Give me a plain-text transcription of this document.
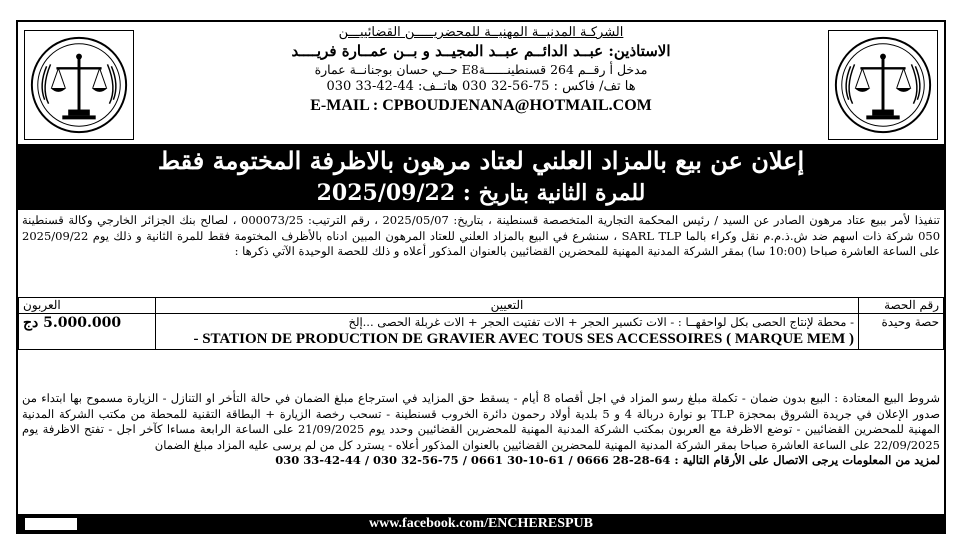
الشركـة المدنيــة المهنيــة للمحضريـــــن القضائييـــن
الاستاذين: عبــد الدائــم عبــد المجيــد و بــن عمــارة فريــــد
مدخل أ رقــم 264 قسنطينــــــةE8 حــي حسان بوجنانــة عمارة
ها تف/ فاكس : 75-56-32 030 هاتــف: 44-42-33 030
E-MAIL : CPBOUDJENANA@HOTMAIL.COM
إعلان عن بيع بالمزاد العلني لعتاد مرهون بالاظرفة المختومة فقط
للمرة الثانية بتاريخ : 2025/09/22
تنفيذا لأمر ببيع عتاد مرهون الصادر عن السيد / رئيس المحكمة التجارية المتخصصة قسنطينة ، بتاريخ: 2025/05/07 ، رقم الترتيب: 000073/25 ، لصالح بنك الجزائر الخارجي وكالة قسنطينة 050 شركة ذات اسهم ضد ش.ذ.م.م نقل وكراء بالما SARL TLP ، سنشرع في البيع بالمزاد العلني للعتاد المرهون المبين ادناه بالأظرف المختومة فقط للمرة الثانية و ذلك يوم 2025/09/22 على الساعة العاشرة صباحا (10:00 سا) بمقر الشركة المدنية المهنية للمحضرين القضائيين بالعنوان المذكور أعلاه و ذلك للحصة الوحيدة الآتي ذكرها :
رقم الحصة	التعيين	العربون
حصة وحيدة	- محطة لإنتاج الحصى بكل لواحقهــا : - الات تكسير الحجر + الات تفتيت الحجر + الات غربلة الحصى ...إلخ
- STATION DE PRODUCTION DE GRAVIER AVEC TOUS SES ACCESSOIRES ( MARQUE MEM )	5.000.000 دج
شروط البيع المعتادة : البيع بدون ضمان - تكملة مبلغ رسو المزاد في اجل أقصاه 8 أيام - يسقط حق المزايد في استرجاع مبلغ الضمان في حالة التأخر او التنازل - الزيارة مسموح بها ابتداء من صدور الإعلان في جريدة الشروق بمحجزة TLP بو نوارة دربالة 4 و 5 بلدية أولاد رحمون دائرة الخروب قسنطينة - تسحب رخصة الزيارة + البطاقة التقنية للمحطة من مكتب الشركة المدنية المهنية للمحضرين القضائيين - توضع الاظرفة مع العربون بمكتب الشركة المدنية المهنية للمحضرين القضائيين وحدد يوم 21/09/2025 على الساعة الرابعة مساءا كآخر اجل - تفتح الاظرفة يوم 22/09/2025 على الساعة العاشرة صباحا بمقر الشركة المدنية المهنية للمحضرين القضائيين بالعنوان المذكور أعلاه - يسترد كل من لم يرسى عليه المزاد مبلغ الضمان
لمزيد من المعلومات يرجى الاتصال على الأرقام التالية : 64-28-28 0666 / 61-10-30 0661 / 75-56-32 030 / 44-42-33 030
www.facebook.com/ENCHERESPUB
